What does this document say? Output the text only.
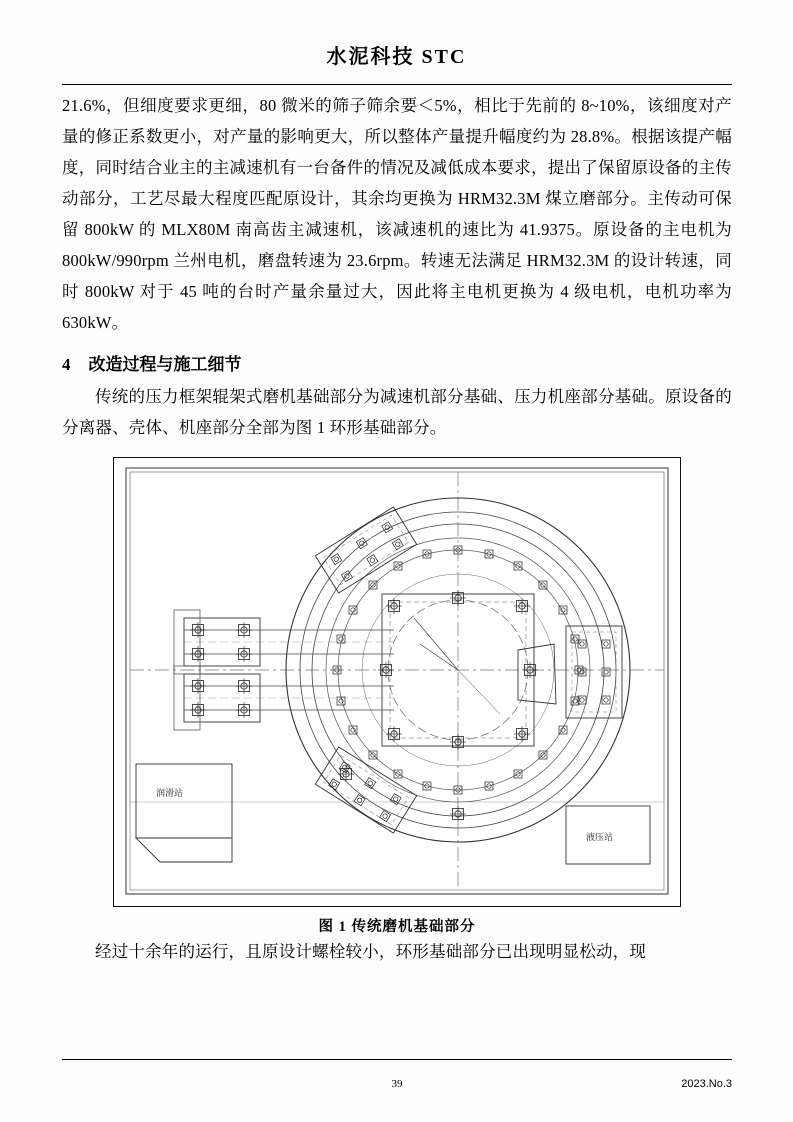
水泥科技 STC

21.6%，但细度要求更细，80 微米的筛子筛余要＜5%，相比于先前的 8~10%，该细度对产量的修正系数更小，对产量的影响更大，所以整体产量提升幅度约为 28.8%。根据该提产幅度，同时结合业主的主减速机有一台备件的情况及减低成本要求，提出了保留原设备的主传动部分，工艺尽最大程度匹配原设计，其余均更换为 HRM32.3M 煤立磨部分。主传动可保留 800kW 的 MLX80M 南高齿主减速机，该减速机的速比为 41.9375。原设备的主电机为 800kW/990rpm 兰州电机，磨盘转速为 23.6rpm。转速无法满足 HRM32.3M 的设计转速，同时 800kW 对于 45 吨的台时产量余量过大，因此将主电机更换为 4 级电机，电机功率为 630kW。

4 改造过程与施工细节

传统的压力框架辊架式磨机基础部分为减速机部分基础、压力机座部分基础。原设备的分离器、壳体、机座部分全部为图 1 环形基础部分。

润滑站
液压站
图 1 传统磨机基础部分

经过十余年的运行，且原设计螺栓较小，环形基础部分已出现明显松动，现

39	2023.No.3
